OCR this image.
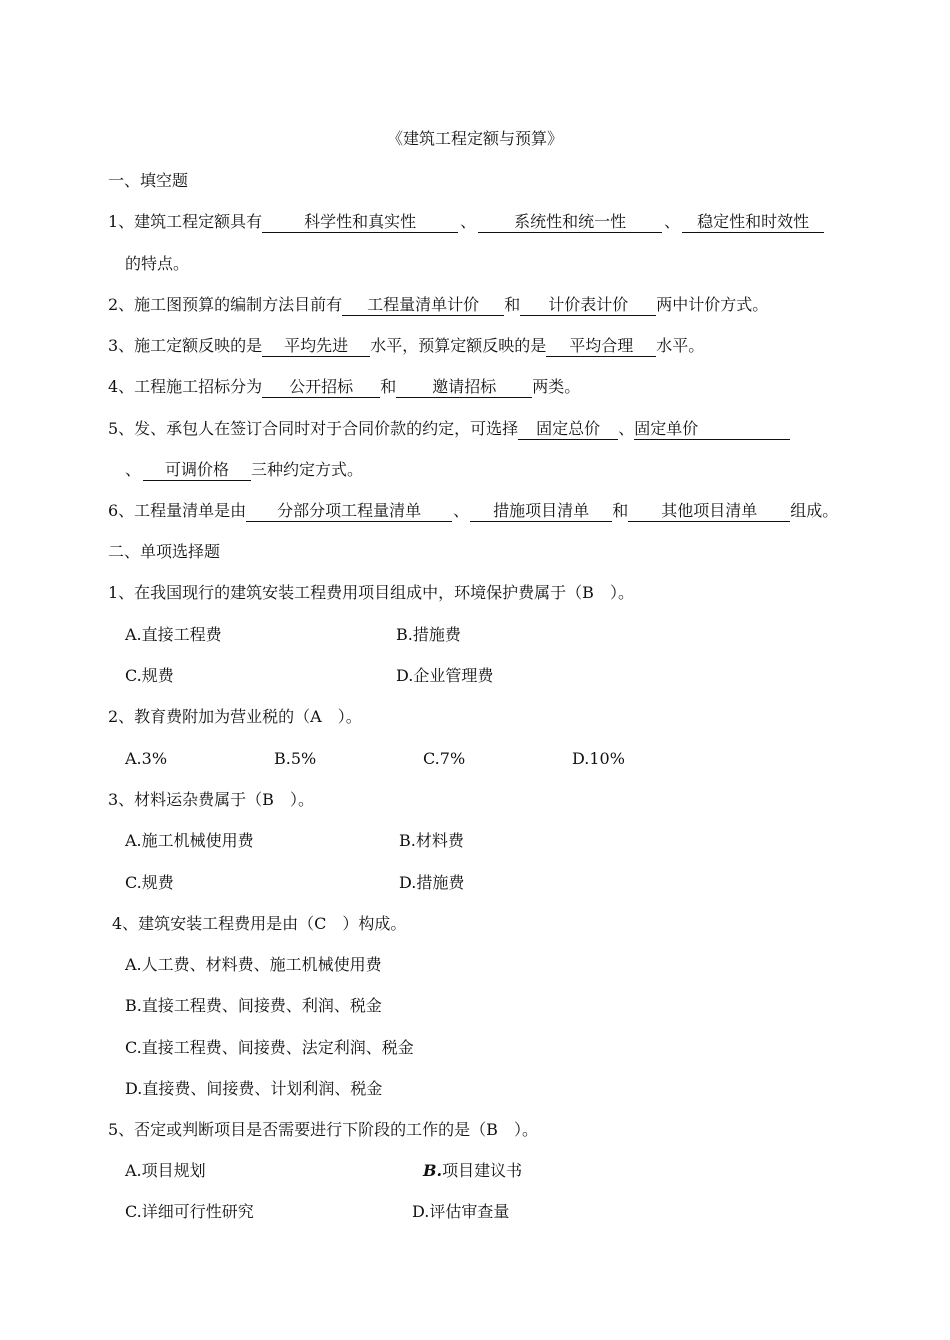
《建筑工程定额与预算》
一、填空题
1、建筑工程定额具有	科学性和真实性	、 系统性和统一性 、 稳定性和时效性
的特点。
2、施工图预算的编制方法目前有 工程量清单计价 和 计价表计价 两中计价方式。
3、施工定额反映的是 平均先进 水平，预算定额反映的是 平均合理 水平。
4、工程施工招标分为 公开招标 和 邀请招标 两类。
5、发、承包人在签订合同时对于合同价款的约定，可选择 固定总价 、固定单价
、 可调价格 三种约定方式。
6、工程量清单是由 分部分项工程量清单 、 措施项目清单 和 其他项目清单 组成。
二、单项选择题
1、在我国现行的建筑安装工程费用项目组成中，环境保护费属于（B　）。
A.直接工程费	B.措施费
C.规费	D.企业管理费
2、教育费附加为营业税的（A　）。
A.3%	B.5%	C.7%	D.10%
3、材料运杂费属于（B　）。
A.施工机械使用费	B.材料费
C.规费	D.措施费
4、建筑安装工程费用是由（C　）构成。
A.人工费、材料费、施工机械使用费
B.直接工程费、间接费、利润、税金
C.直接工程费、间接费、法定利润、税金
D.直接费、间接费、计划利润、税金
5、否定或判断项目是否需要进行下阶段的工作的是（B　）。
A.项目规划	B.项目建议书
C.详细可行性研究	D.评估审查量
